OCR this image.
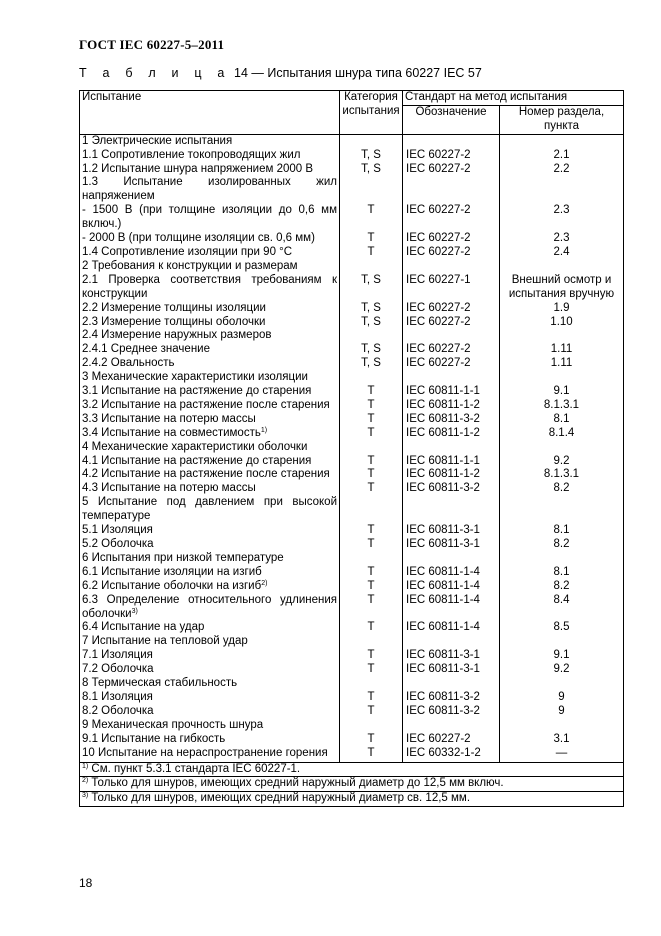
ГОСТ IEC 60227-5–2011
Т а б л и ц а 14 — Испытания шнура типа 60227 IEC 57
Испытание	Категория испытания	Стандарт на метод испытания	
		Обозначение	Номер раздела, пункта
1 Электрические испытания			
1.1 Сопротивление токопроводящих жил	T, S	IEC 60227-2	2.1
1.2 Испытание шнура напряжением 2000 В	T, S	IEC 60227-2	2.2
1.3 Испытание изолированных жил напряжением			
- 1500 В (при толщине изоляции до 0,6 мм включ.)	T	IEC 60227-2	2.3
- 2000 В (при толщине изоляции св. 0,6 мм)	T	IEC 60227-2	2.3
1.4 Сопротивление изоляции при 90 °С	T	IEC 60227-2	2.4
2 Требования к конструкции и размерам			
2.1 Проверка соответствия требованиям к конструкции	T, S	IEC 60227-1	Внешний осмотр и испытания вручную
2.2 Измерение толщины изоляции	T, S	IEC 60227-2	1.9
2.3 Измерение толщины оболочки	T, S	IEC 60227-2	1.10
2.4 Измерение наружных размеров			
2.4.1 Среднее значение	T, S	IEC 60227-2	1.11
2.4.2 Овальность	T, S	IEC 60227-2	1.11
3 Механические характеристики изоляции			
3.1 Испытание на растяжение до старения	T	IEC 60811-1-1	9.1
3.2 Испытание на растяжение после старения	T	IEC 60811-1-2	8.1.3.1
3.3 Испытание на потерю массы	T	IEC 60811-3-2	8.1
3.4 Испытание на совместимость$^{1)}$	T	IEC 60811-1-2	8.1.4
4 Механические характеристики оболочки			
4.1 Испытание на растяжение до старения	T	IEC 60811-1-1	9.2
4.2 Испытание на растяжение после старения	T	IEC 60811-1-2	8.1.3.1
4.3 Испытание на потерю массы	T	IEC 60811-3-2	8.2
5 Испытание под давлением при высокой температуре			
5.1 Изоляция	T	IEC 60811-3-1	8.1
5.2 Оболочка	T	IEC 60811-3-1	8.2
6 Испытания при низкой температуре			
6.1 Испытание изоляции на изгиб	T	IEC 60811-1-4	8.1
6.2 Испытание оболочки на изгиб$^{2)}$	T	IEC 60811-1-4	8.2
6.3 Определение относительного удлинения оболочки$^{3)}$	T	IEC 60811-1-4	8.4
6.4 Испытание на удар	T	IEC 60811-1-4	8.5
7 Испытание на тепловой удар			
7.1 Изоляция	T	IEC 60811-3-1	9.1
7.2 Оболочка	T	IEC 60811-3-1	9.2
8 Термическая стабильность			
8.1 Изоляция	T	IEC 60811-3-2	9
8.2 Оболочка	T	IEC 60811-3-2	9
9 Механическая прочность шнура			
9.1 Испытание на гибкость	T	IEC 60227-2	3.1
10 Испытание на нераспространение горения	T	IEC 60332-1-2	—
$^{1)}$ См. пункт 5.3.1 стандарта IEC 60227-1.			
$^{2)}$ Только для шнуров, имеющих средний наружный диаметр до 12,5 мм включ.			
$^{3)}$ Только для шнуров, имеющих средний наружный диаметр св. 12,5 мм.			
18
